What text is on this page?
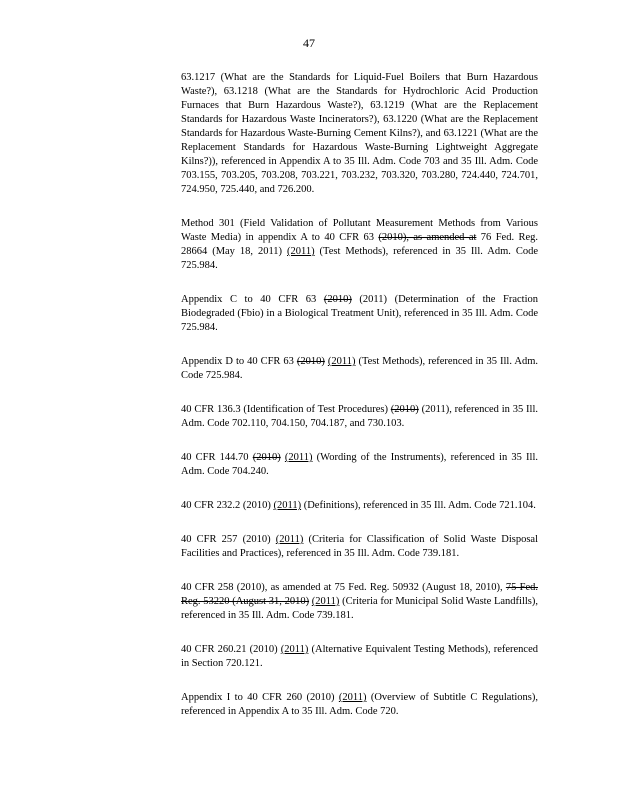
47

63.1217 (What are the Standards for Liquid-Fuel Boilers that Burn Hazardous Waste?), 63.1218 (What are the Standards for Hydrochloric Acid Production Furnaces that Burn Hazardous Waste?), 63.1219 (What are the Replacement Standards for Hazardous Waste Incinerators?), 63.1220 (What are the Replacement Standards for Hazardous Waste-Burning Cement Kilns?), and 63.1221 (What are the Replacement Standards for Hazardous Waste-Burning Lightweight Aggregate Kilns?)), referenced in Appendix A to 35 Ill. Adm. Code 703 and 35 Ill. Adm. Code 703.155, 703.205, 703.208, 703.221, 703.232, 703.320, 703.280, 724.440, 724.701, 724.950, 725.440, and 726.200.

Method 301 (Field Validation of Pollutant Measurement Methods from Various Waste Media) in appendix A to 40 CFR 63 (2010), as amended at 76 Fed. Reg. 28664 (May 18, 2011) (2011) (Test Methods), referenced in 35 Ill. Adm. Code 725.984.

Appendix C to 40 CFR 63 (2010) (2011) (Determination of the Fraction Biodegraded (Fbio) in a Biological Treatment Unit), referenced in 35 Ill. Adm. Code 725.984.

Appendix D to 40 CFR 63 (2010) (2011) (Test Methods), referenced in 35 Ill. Adm. Code 725.984.

40 CFR 136.3 (Identification of Test Procedures) (2010) (2011), referenced in 35 Ill. Adm. Code 702.110, 704.150, 704.187, and 730.103.

40 CFR 144.70 (2010) (2011) (Wording of the Instruments), referenced in 35 Ill. Adm. Code 704.240.

40 CFR 232.2 (2010) (2011) (Definitions), referenced in 35 Ill. Adm. Code 721.104.

40 CFR 257 (2010) (2011) (Criteria for Classification of Solid Waste Disposal Facilities and Practices), referenced in 35 Ill. Adm. Code 739.181.

40 CFR 258 (2010), as amended at 75 Fed. Reg. 50932 (August 18, 2010), 75 Fed. Reg. 53220 (August 31, 2010) (2011) (Criteria for Municipal Solid Waste Landfills), referenced in 35 Ill. Adm. Code 739.181.

40 CFR 260.21 (2010) (2011) (Alternative Equivalent Testing Methods), referenced in Section 720.121.

Appendix I to 40 CFR 260 (2010) (2011) (Overview of Subtitle C Regulations), referenced in Appendix A to 35 Ill. Adm. Code 720.
